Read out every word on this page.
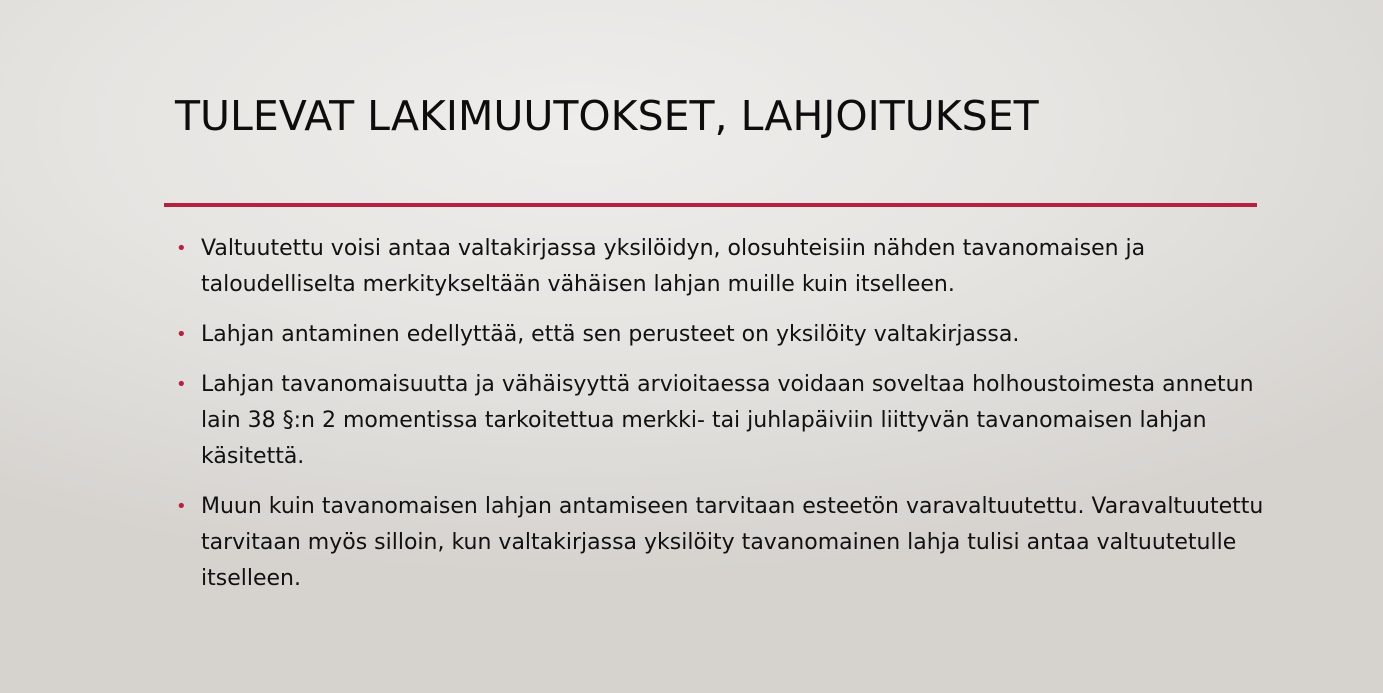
TULEVAT LAKIMUUTOKSET, LAHJOITUKSET
• Valtuutettu voisi antaa valtakirjassa yksilöidyn, olosuhteisiin nähden tavanomaisen ja
taloudelliselta merkitykseltään vähäisen lahjan muille kuin itselleen.
• Lahjan antaminen edellyttää, että sen perusteet on yksilöity valtakirjassa.
• Lahjan tavanomaisuutta ja vähäisyyttä arvioitaessa voidaan soveltaa holhoustoimesta annetun
lain 38 §:n 2 momentissa tarkoitettua merkki- tai juhlapäiviin liittyvän tavanomaisen lahjan
käsitettä.
• Muun kuin tavanomaisen lahjan antamiseen tarvitaan esteetön varavaltuutettu. Varavaltuutettu
tarvitaan myös silloin, kun valtakirjassa yksilöity tavanomainen lahja tulisi antaa valtuutetulle
itselleen.
